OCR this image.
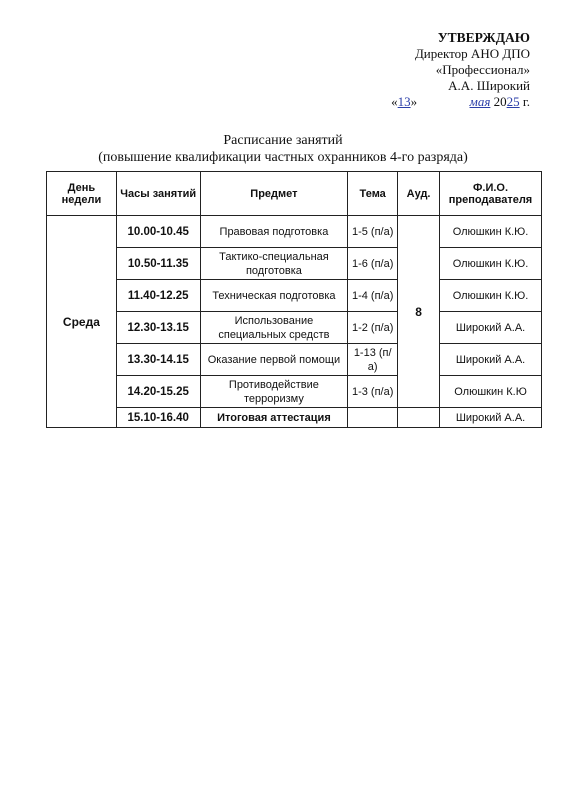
УТВЕРЖДАЮ
Директор АНО ДПО
«Профессионал»
А.А. Широкий
«13»	мая 2025 г.
Расписание занятий
(повышение квалификации частных охранников 4-го разряда)
День недели	Часы занятий	Предмет	Тема	Ауд.	Ф.И.О. преподавателя
Среда	10.00-10.45	Правовая подготовка	1-5 (п/а)	8	Олюшкин К.Ю.
	10.50-11.35	Тактико-специальная подготовка	1-6 (п/а)		Олюшкин К.Ю.
	11.40-12.25	Техническая подготовка	1-4 (п/а)		Олюшкин К.Ю.
	12.30-13.15	Использование специальных средств	1-2 (п/а)		Широкий А.А.
	13.30-14.15	Оказание первой помощи	1-13 (п/а)		Широкий А.А.
	14.20-15.25	Противодействие терроризму	1-3 (п/а)		Олюшкин К.Ю
	15.10-16.40	Итоговая аттестация			Широкий А.А.
